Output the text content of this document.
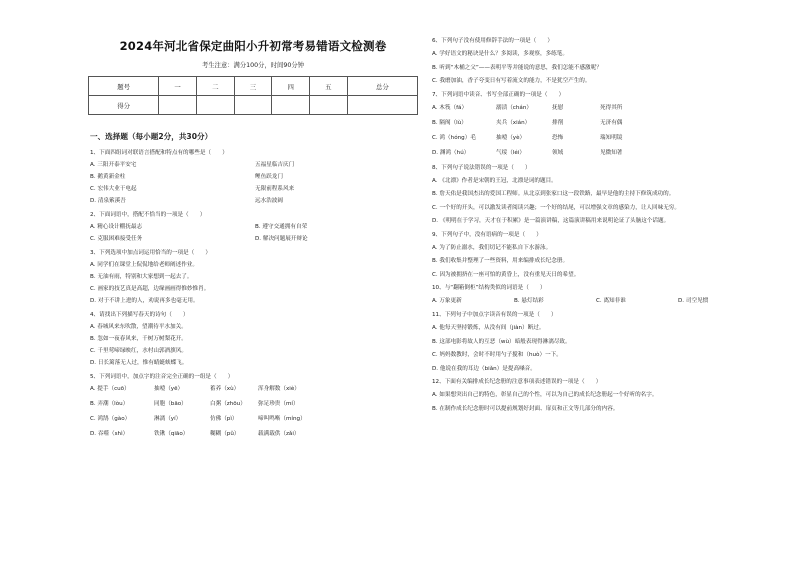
2024年河北省保定曲阳小升初常考易错语文检测卷
考生注意：满分100分，时间90分钟
题号	一	二	三	四	五	总分
得分						
一、选择题（每小题2分，共30分）
1、下面四组词对联语言搭配和特点有的哪些是（　　）
A. 三阳开泰平安宅	五福星临吉庆门
B. 鹅黄新金柱	鲤鱼跃龙门
C. 宏伟大业干电起	无限前程系风来
D. 清泉萦溪吾	远水浩波阔
2、下面词语中，搭配不恰当的一项是（　　）
A. 精心设计棚抚最志	B. 遵守交通拥有自荣
C. 克服困难接受任务	D. 解决问题展开辩论
3、下列选项中加点词运用恰当的一项是（　　）
A. 同学们在课堂上侃侃地给老师阐述作业。
B. 无油有雨，特别和大家想到一起去了。
C. 画家的技艺真是高超，边缘画画得惟妙惟肖。
D. 对于不讲上进的人，劝说再多也毫无用。
4、请找出下列描写春天的诗句（　　）
A. 春城风来东吹散，望潮待平水加关。
B. 忽如一夜春风来，千树万树梨花开。
C. 千里莺啼绿映红，水村山郭酒旗风。
D. 日长篱落无人过，惟有蜻蜓蛱蝶飞。
5、下列词语中，加点字的注音完全正确的一组是（　　）
A. 提手（cuō）	抽噎（yē）	蓄养（xù）	浑身解数（xiè）
B. 弄潮（lòu）	同胞（bāo）	白粥（zhōu）	弥足珍贵（mí）
C. 鸿鹄（gào）	淋漓（yí）	仿佛（pì）	啼叫鸣啭（míng）
D. 吞噬（shì）	铁锹（qiāo）	糊糊（pǔ）	载满载供（zǎi）
6、下列句子没有使用修辞手法的一项是（　　）
A. 学好语文的秘诀是什么？多阅读，多观察，多练笔。
B. 听到“木桶之父”——表明平等并能说的意思，我们怎能不感激呢？
C. 我磨加油，香子夸变日有写着流文的能力，不是犹空产生的。
7、下列词语中读音、书写全部正确的一项是（　　）
A. 木筏（fá）	溺渍（chán）	抚慰	死得其所
B. 隔阂（lù）	夹兵（xián）	排削	无济有偶
C. 鸿（hóng）毛	抽噎（yè）	恐怖	瑞知明镜
D. 渊鸿（hú）	气绥（léi）	领域	见微知著
8、下列句子说法错误的一项是（　　）
A. 《北漂》作者是宋朝的王冠，北漂是词的题目。
B. 詹天佑是我国杰出的爱国工程师。从北京到张家口这一段铁路，最早是他的主持下修筑成功的。
C. 一个好的开头，可以激发读者阅读兴趣；一个好的结尾，可以增强文章的感染力，让人回味无穷。
D. 《明明在于学习，天才在于积累》是一篇演讲稿，这篇演讲稿用来说明论证了头脑这个话题。
9、下列句子中，没有语病的一项是（　　）
A. 为了防止溺水，我们切记不能私自下水游泳。
B. 我们收集并整理了一些资料，用来编排成长纪念册。
C. 因为被拥挤在一座可怕的黄昏上，没有重见天日的希望。
10、与“翻箱倒柜”结构类似的词语是（　　）
A. 万象更新	B. 悬灯结彩	C. 离知非谁	D. 司空见惯
11、下列句子中加点字读音有误的一项是（　　）
A. 他每天坚持锻炼，从没有间（jiàn）断过。
B. 这部电影将故人的互恶（wù）暗般表现得淋漓尽致。
C. 妈妈数教时，会时不时用勺子搅和（huò）一下。
D. 他说在我的耳边（biǎn）是提高嗓音。
12、下面有关编排成长纪念册的注意事项表述错误的一项是（　　）
A. 如果想突出自己的特色，彰显自己的个性，可以为自己的成长纪念册起一个好听的名字。
B. 在制作成长纪念册时可以提前规划好封面、扉页和正文等几部分的内容。
